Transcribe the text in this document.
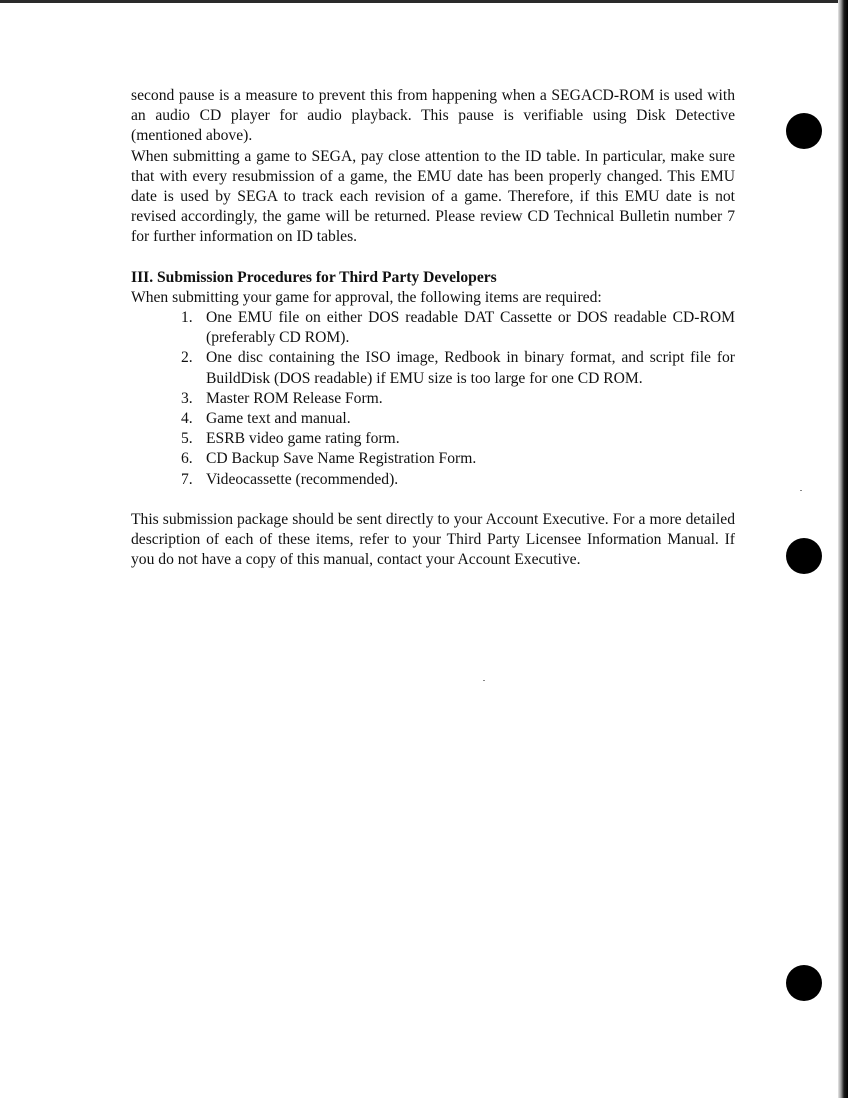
second pause is a measure to prevent this from happening when a SEGACD-ROM is used with an audio CD player for audio playback. This pause is verifiable using Disk Detective (mentioned above).

When submitting a game to SEGA, pay close attention to the ID table. In particular, make sure that with every resubmission of a game, the EMU date has been properly changed. This EMU date is used by SEGA to track each revision of a game. Therefore, if this EMU date is not revised accordingly, the game will be returned. Please review CD Technical Bulletin number 7 for further information on ID tables.

III. Submission Procedures for Third Party Developers

When submitting your game for approval, the following items are required:

1. One EMU file on either DOS readable DAT Cassette or DOS readable CD-ROM (preferably CD ROM).
2. One disc containing the ISO image, Redbook in binary format, and script file for BuildDisk (DOS readable) if EMU size is too large for one CD ROM.
3. Master ROM Release Form.
4. Game text and manual.
5. ESRB video game rating form.
6. CD Backup Save Name Registration Form.
7. Videocassette (recommended).

This submission package should be sent directly to your Account Executive. For a more detailed description of each of these items, refer to your Third Party Licensee Information Manual. If you do not have a copy of this manual, contact your Account Executive.
